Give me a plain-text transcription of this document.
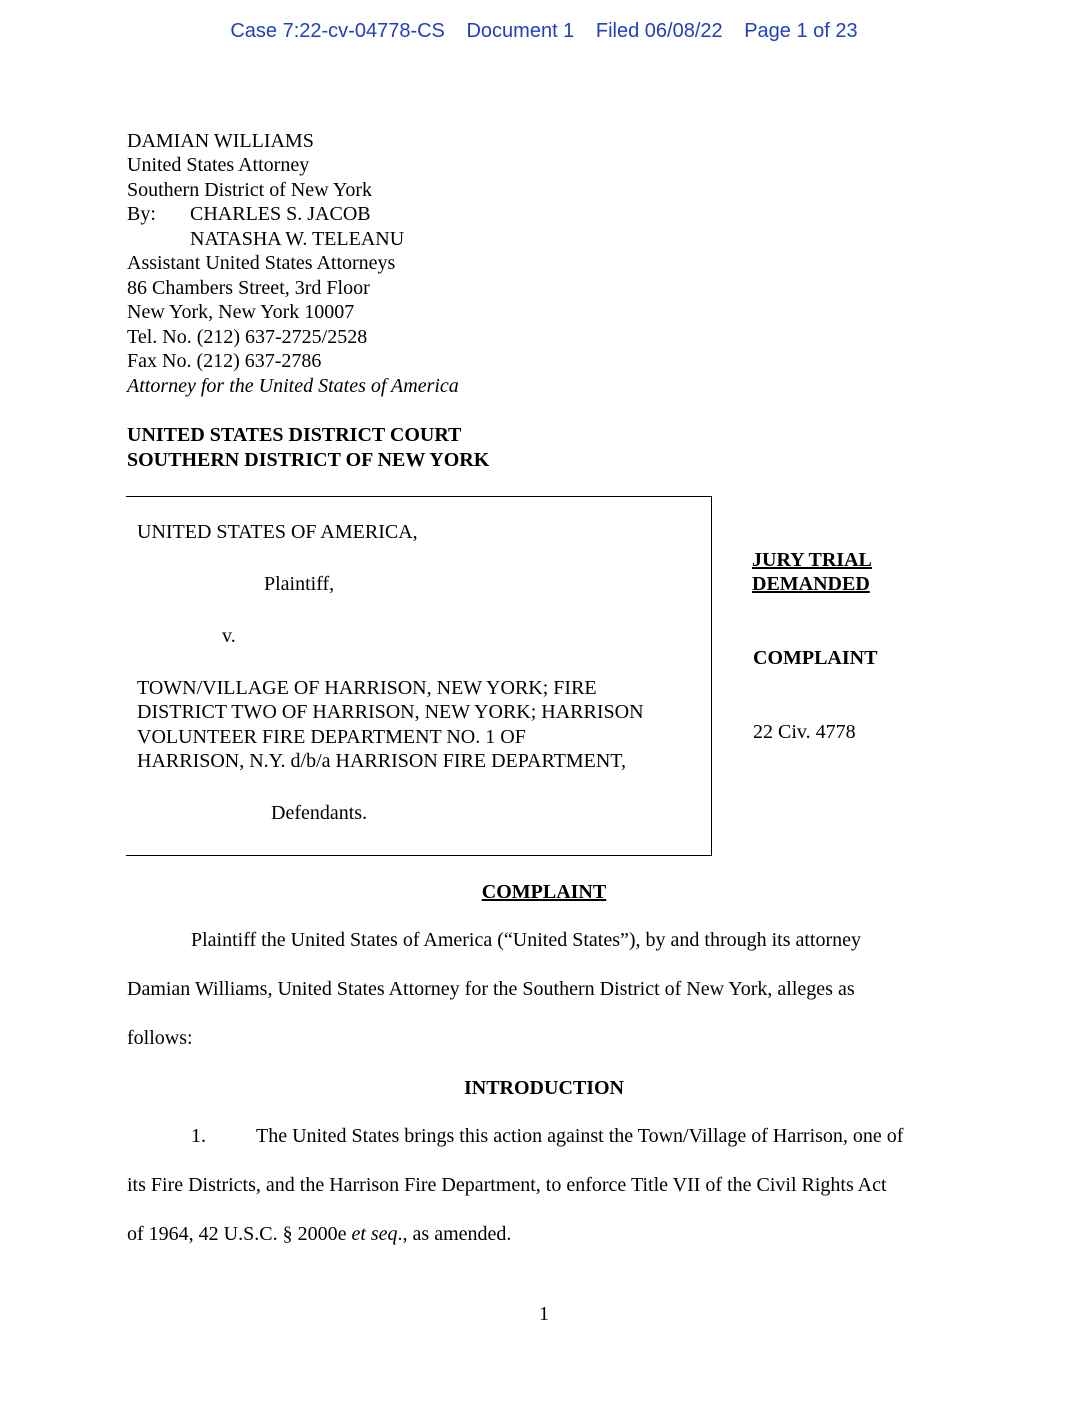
Case 7:22-cv-04778-CS Document 1 Filed 06/08/22 Page 1 of 23
DAMIAN WILLIAMS
United States Attorney
Southern District of New York
By: CHARLES S. JACOB
NATASHA W. TELEANU
Assistant United States Attorneys
86 Chambers Street, 3rd Floor
New York, New York 10007
Tel. No. (212) 637-2725/2528
Fax No. (212) 637-2786
Attorney for the United States of America
UNITED STATES DISTRICT COURT
SOUTHERN DISTRICT OF NEW YORK
UNITED STATES OF AMERICA,
Plaintiff,
v.
TOWN/VILLAGE OF HARRISON, NEW YORK; FIRE
DISTRICT TWO OF HARRISON, NEW YORK; HARRISON
VOLUNTEER FIRE DEPARTMENT NO. 1 OF
HARRISON, N.Y. d/b/a HARRISON FIRE DEPARTMENT,
Defendants.
JURY TRIAL
DEMANDED
COMPLAINT
22 Civ. 4778
COMPLAINT
Plaintiff the United States of America (“United States”), by and through its attorney
Damian Williams, United States Attorney for the Southern District of New York, alleges as
follows:
INTRODUCTION
1.	The United States brings this action against the Town/Village of Harrison, one of
its Fire Districts, and the Harrison Fire Department, to enforce Title VII of the Civil Rights Act
of 1964, 42 U.S.C. § 2000e et seq., as amended.
1
